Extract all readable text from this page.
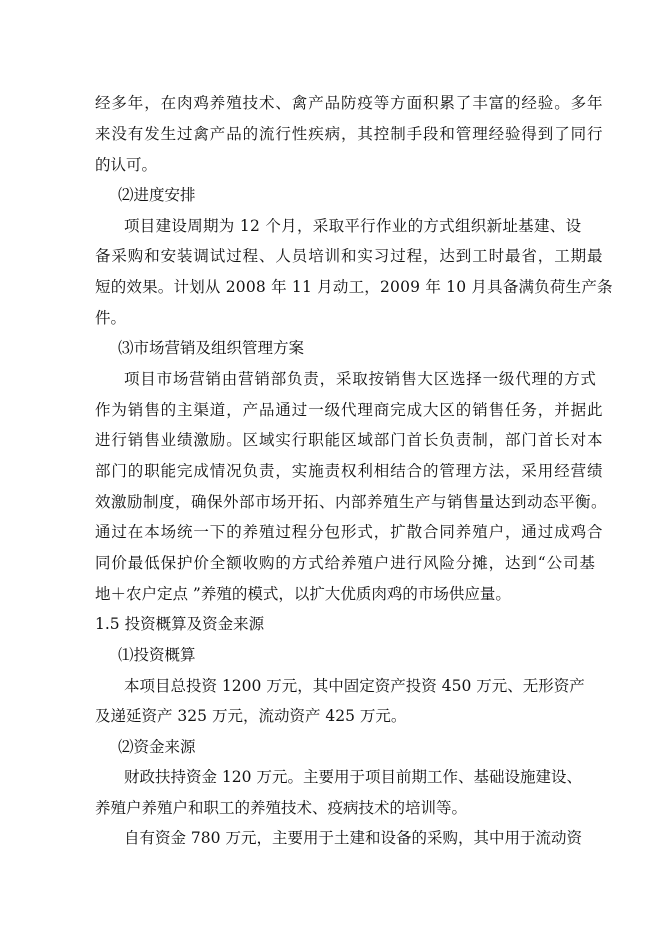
经多年，在肉鸡养殖技术、禽产品防疫等方面积累了丰富的经验。多年
来没有发生过禽产品的流行性疾病，其控制手段和管理经验得到了同行
的认可。
⑵进度安排
项目建设周期为 12 个月，采取平行作业的方式组织新址基建、设
备采购和安装调试过程、人员培训和实习过程，达到工时最省，工期最
短的效果。计划从 2008 年 11 月动工，2009 年 10 月具备满负荷生产条
件。
⑶市场营销及组织管理方案
项目市场营销由营销部负责，采取按销售大区选择一级代理的方式
作为销售的主渠道，产品通过一级代理商完成大区的销售任务，并据此
进行销售业绩激励。区域实行职能区域部门首长负责制，部门首长对本
部门的职能完成情况负责，实施责权利相结合的管理方法，采用经营绩
效激励制度，确保外部市场开拓、内部养殖生产与销售量达到动态平衡。
通过在本场统一下的养殖过程分包形式，扩散合同养殖户，通过成鸡合
同价最低保护价全额收购的方式给养殖户进行风险分摊，达到“公司基
地＋农户定点 ”养殖的模式，以扩大优质肉鸡的市场供应量。
1.5 投资概算及资金来源
⑴投资概算
本项目总投资 1200 万元，其中固定资产投资 450 万元、无形资产
及递延资产 325 万元，流动资产 425 万元。
⑵资金来源
财政扶持资金 120 万元。主要用于项目前期工作、基础设施建设、
养殖户养殖户和职工的养殖技术、疫病技术的培训等。
自有资金 780 万元，主要用于土建和设备的采购，其中用于流动资
